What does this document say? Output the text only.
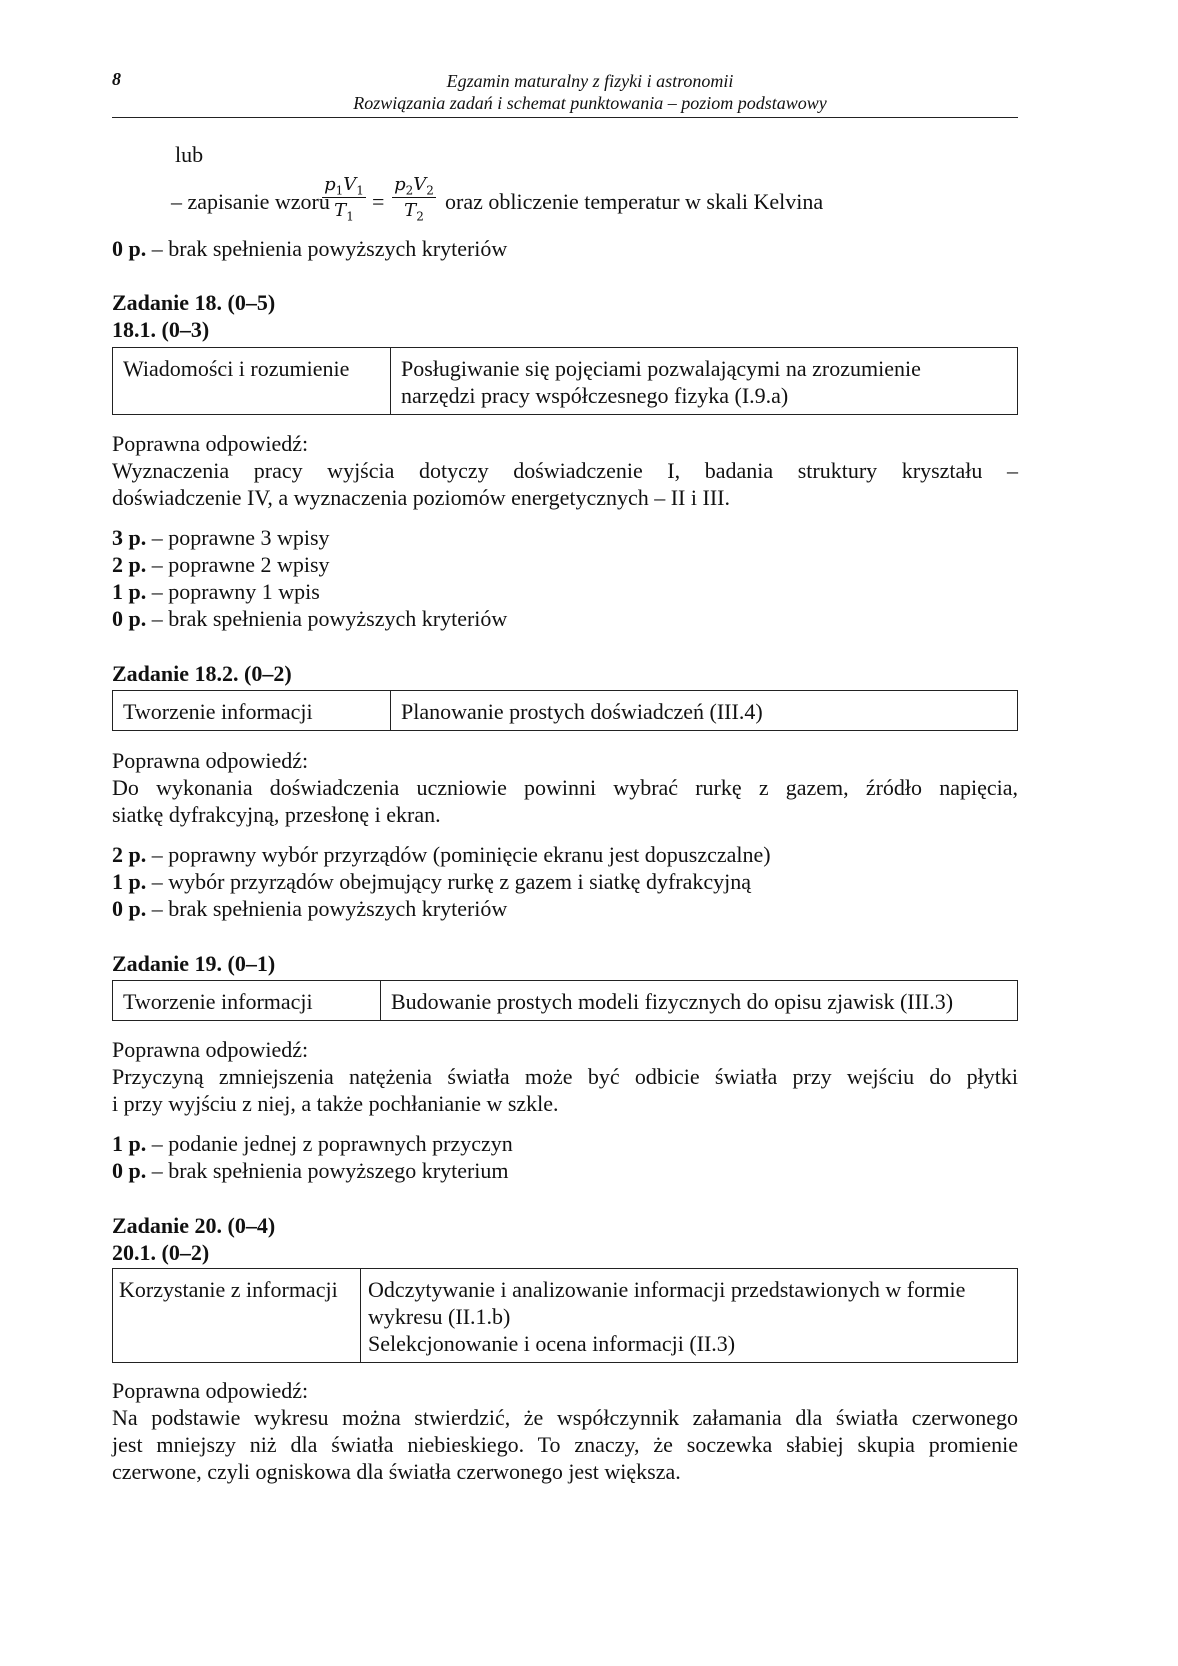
8	Egzamin maturalny z fizyki i astronomii
Rozwiązania zadań i schemat punktowania – poziom podstawowy
lub
– zapisanie wzoru
$p_1V_1$
$T_1$
=
$p_2V_2$
$T_2$
oraz obliczenie temperatur w skali Kelvina
0 p. – brak spełnienia powyższych kryteriów
Zadanie 18. (0–5)
18.1. (0–3)
Wiadomości i rozumienie	Posługiwanie się pojęciami pozwalającymi na zrozumienie
narzędzi pracy współczesnego fizyka (I.9.a)
Poprawna odpowiedź:
Wyznaczenia pracy wyjścia dotyczy doświadczenie I, badania struktury kryształu –
doświadczenie IV, a wyznaczenia poziomów energetycznych – II i III.
3 p. – poprawne 3 wpisy
2 p. – poprawne 2 wpisy
1 p. – poprawny 1 wpis
0 p. – brak spełnienia powyższych kryteriów
Zadanie 18.2. (0–2)
Tworzenie informacji	Planowanie prostych doświadczeń (III.4)
Poprawna odpowiedź:
Do wykonania doświadczenia uczniowie powinni wybrać rurkę z gazem, źródło napięcia,
siatkę dyfrakcyjną, przesłonę i ekran.
2 p. – poprawny wybór przyrządów (pominięcie ekranu jest dopuszczalne)
1 p. – wybór przyrządów obejmujący rurkę z gazem i siatkę dyfrakcyjną
0 p. – brak spełnienia powyższych kryteriów
Zadanie 19. (0–1)
Tworzenie informacji	Budowanie prostych modeli fizycznych do opisu zjawisk (III.3)
Poprawna odpowiedź:
Przyczyną zmniejszenia natężenia światła może być odbicie światła przy wejściu do płytki
i przy wyjściu z niej, a także pochłanianie w szkle.
1 p. – podanie jednej z poprawnych przyczyn
0 p. – brak spełnienia powyższego kryterium
Zadanie 20. (0–4)
20.1. (0–2)
Korzystanie z informacji	Odczytywanie i analizowanie informacji przedstawionych w formie
wykresu (II.1.b)
Selekcjonowanie i ocena informacji (II.3)
Poprawna odpowiedź:
Na podstawie wykresu można stwierdzić, że współczynnik załamania dla światła czerwonego
jest mniejszy niż dla światła niebieskiego. To znaczy, że soczewka słabiej skupia promienie
czerwone, czyli ogniskowa dla światła czerwonego jest większa.
